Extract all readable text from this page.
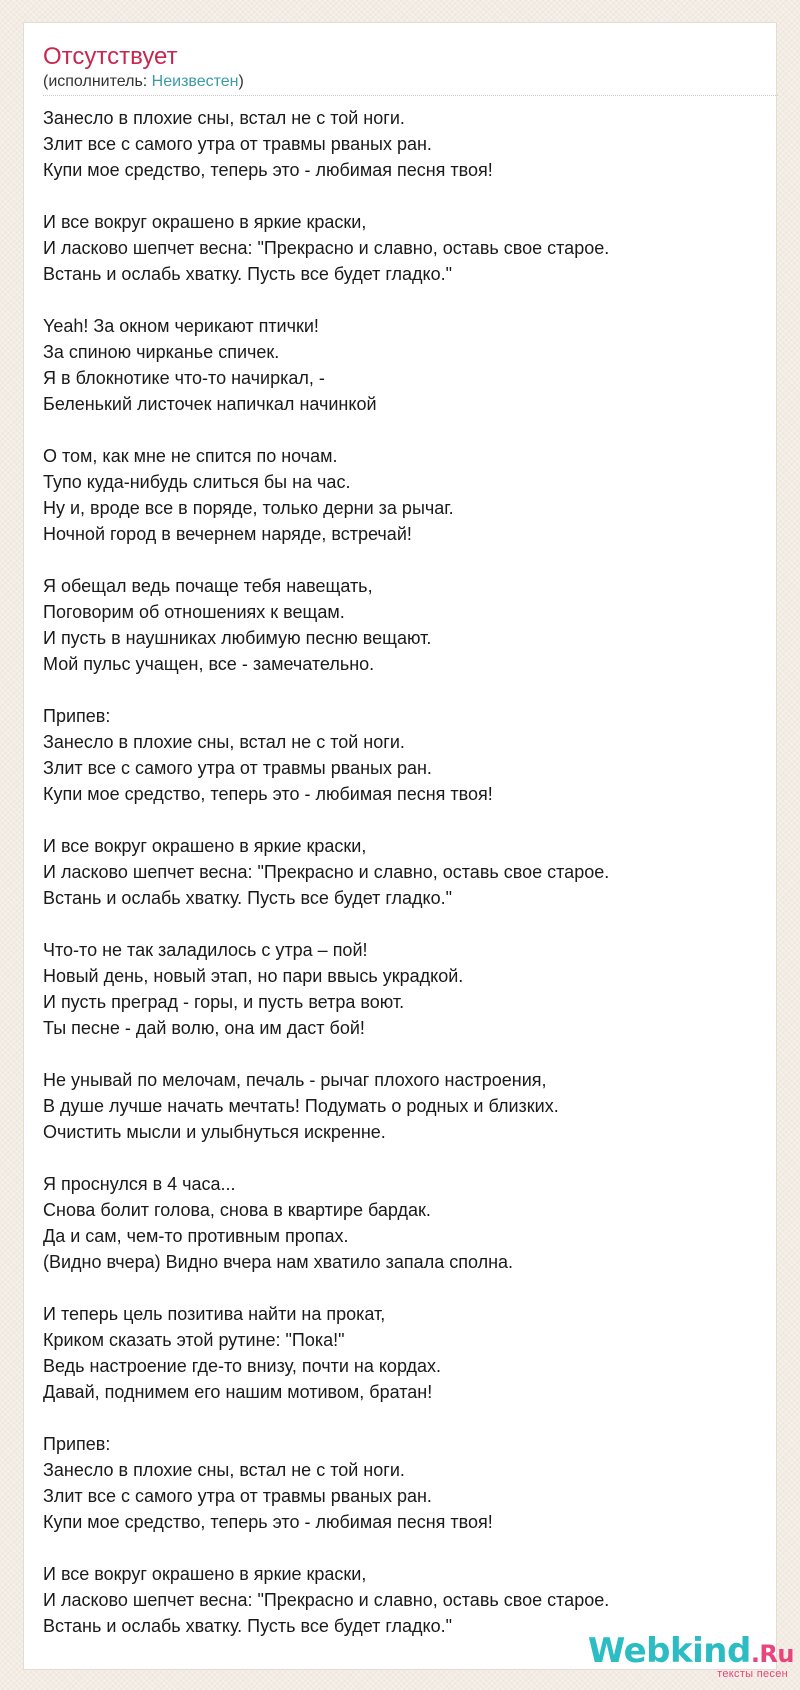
Отсутствует
(исполнитель: Неизвестен)
Занесло в плохие сны, встал не с той ноги.
Злит все с самого утра от травмы рваных ран.
Купи мое средство, теперь это - любимая песня твоя!
И все вокруг окрашено в яркие краски,
И ласково шепчет весна: "Прекрасно и славно, оставь свое старое.
Встань и ослабь хватку. Пусть все будет гладко."
Yeah! За окном черикают птички!
За спиною чирканье спичек.
Я в блокнотике что-то начиркал, -
Беленький листочек напичкал начинкой
О том, как мне не спится по ночам.
Тупо куда-нибудь слиться бы на час.
Ну и, вроде все в поряде, только дерни за рычаг.
Ночной город в вечернем наряде, встречай!
Я обещал ведь почаще тебя навещать,
Поговорим об отношениях к вещам.
И пусть в наушниках любимую песню вещают.
Мой пульс учащен, все - замечательно.
Припев:
Занесло в плохие сны, встал не с той ноги.
Злит все с самого утра от травмы рваных ран.
Купи мое средство, теперь это - любимая песня твоя!
И все вокруг окрашено в яркие краски,
И ласково шепчет весна: "Прекрасно и славно, оставь свое старое.
Встань и ослабь хватку. Пусть все будет гладко."
Что-то не так заладилось с утра – пой!
Новый день, новый этап, но пари ввысь украдкой.
И пусть преград - горы, и пусть ветра воют.
Ты песне - дай волю, она им даст бой!
Не унывай по мелочам, печаль - рычаг плохого настроения,
В душе лучше начать мечтать! Подумать о родных и близких.
Очистить мысли и улыбнуться искренне.
Я проснулся в 4 часа...
Снова болит голова, снова в квартире бардак.
Да и сам, чем-то противным пропах.
(Видно вчера) Видно вчера нам хватило запала сполна.
И теперь цель позитива найти на прокат,
Криком сказать этой рутине: "Пока!"
Ведь настроение где-то внизу, почти на кордах.
Давай, поднимем его нашим мотивом, братан!
Припев:
Занесло в плохие сны, встал не с той ноги.
Злит все с самого утра от травмы рваных ран.
Купи мое средство, теперь это - любимая песня твоя!
И все вокруг окрашено в яркие краски,
И ласково шепчет весна: "Прекрасно и славно, оставь свое старое.
Встань и ослабь хватку. Пусть все будет гладко."
Webkind.Ru
тексты песен
